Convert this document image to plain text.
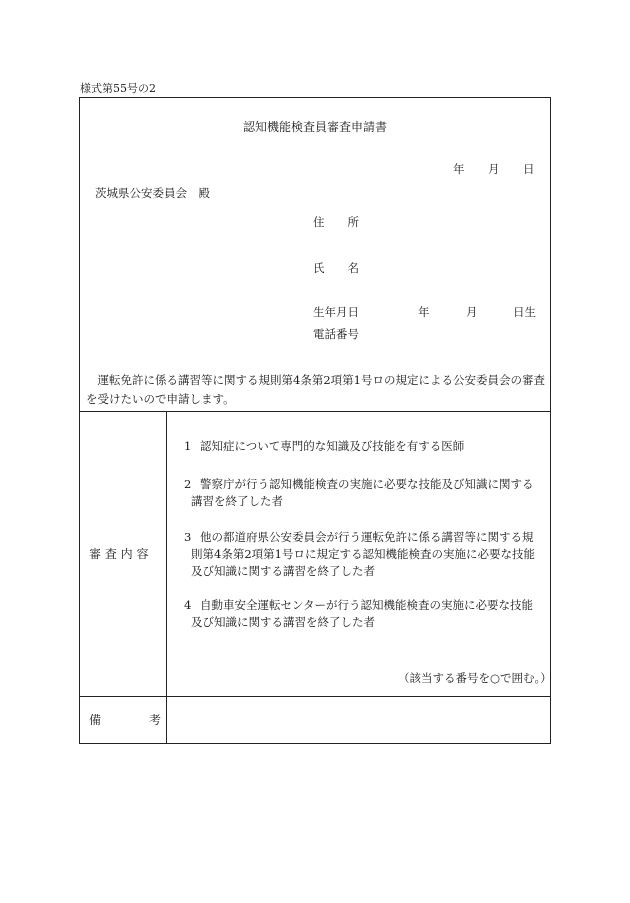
様式第55号の2
認知機能検査員審査申請書
年 月 日
茨城県公安委員会　殿
住　　所
氏　　名
生年月日	年	月	日生
電話番号
運転免許に係る講習等に関する規則第4条第2項第1号ロの規定による公安委員会の審査を受けたいので申請します。
審 査 内 容
1 認知症について専門的な知識及び技能を有する医師
2 警察庁が行う認知機能検査の実施に必要な技能及び知識に関する
講習を終了した者
3 他の都道府県公安委員会が行う運転免許に係る講習等に関する規
則第4条第2項第1号ロに規定する認知機能検査の実施に必要な技能及び知識に関する講習を終了した者
4 自動車安全運転センターが行う認知機能検査の実施に必要な技能
及び知識に関する講習を終了した者
（該当する番号を○で囲む。）
備　　　　考
